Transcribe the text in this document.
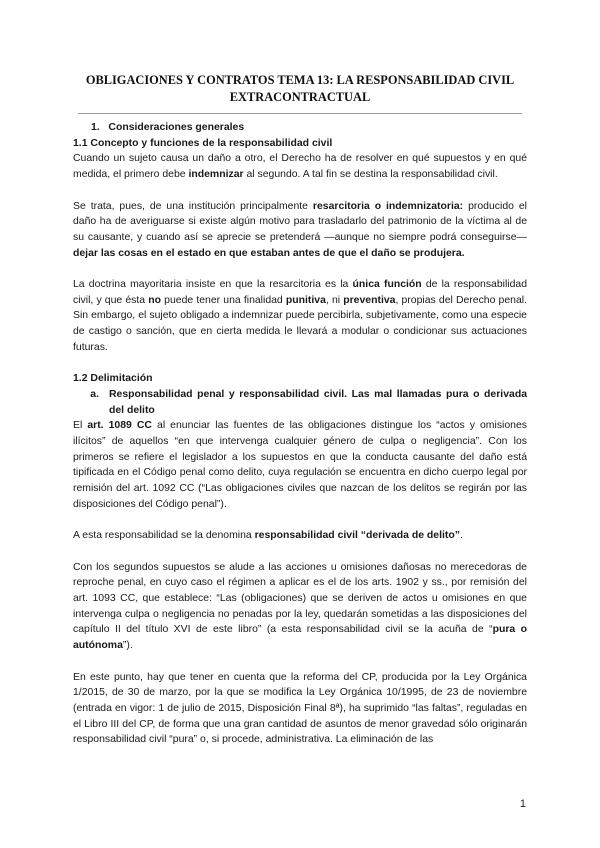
OBLIGACIONES Y CONTRATOS TEMA 13: LA RESPONSABILIDAD CIVIL EXTRACONTRACTUAL

1. Consideraciones generales

1.1 Concepto y funciones de la responsabilidad civil

Cuando un sujeto causa un daño a otro, el Derecho ha de resolver en qué supuestos y en qué medida, el primero debe indemnizar al segundo. A tal fin se destina la responsabilidad civil.

Se trata, pues, de una institución principalmente resarcitoria o indemnizatoria: producido el daño ha de averiguarse si existe algún motivo para trasladarlo del patrimonio de la víctima al de su causante, y cuando así se aprecie se pretenderá —aunque no siempre podrá conseguirse— dejar las cosas en el estado en que estaban antes de que el daño se produjera.

La doctrina mayoritaria insiste en que la resarcitoria es la única función de la responsabilidad civil, y que ésta no puede tener una finalidad punitiva, ni preventiva, propias del Derecho penal. Sin embargo, el sujeto obligado a indemnizar puede percibirla, subjetivamente, como una especie de castigo o sanción, que en cierta medida le llevará a modular o condicionar sus actuaciones futuras.

1.2 Delimitación

a. Responsabilidad penal y responsabilidad civil. Las mal llamadas pura o derivada del delito

El art. 1089 CC al enunciar las fuentes de las obligaciones distingue los “actos y omisiones ilícitos” de aquellos “en que intervenga cualquier género de culpa o negligencia”. Con los primeros se refiere el legislador a los supuestos en que la conducta causante del daño está tipificada en el Código penal como delito, cuya regulación se encuentra en dicho cuerpo legal por remisión del art. 1092 CC (“Las obligaciones civiles que nazcan de los delitos se regirán por las disposiciones del Código penal”).

A esta responsabilidad se la denomina responsabilidad civil “derivada de delito”.

Con los segundos supuestos se alude a las acciones u omisiones dañosas no merecedoras de reproche penal, en cuyo caso el régimen a aplicar es el de los arts. 1902 y ss., por remisión del art. 1093 CC, que establece: “Las (obligaciones) que se deriven de actos u omisiones en que intervenga culpa o negligencia no penadas por la ley, quedarán sometidas a las disposiciones del capítulo II del título XVI de este libro” (a esta responsabilidad civil se la acuña de “pura o autónoma”).

En este punto, hay que tener en cuenta que la reforma del CP, producida por la Ley Orgánica 1/2015, de 30 de marzo, por la que se modifica la Ley Orgánica 10/1995, de 23 de noviembre (entrada en vigor: 1 de julio de 2015, Disposición Final 8ª), ha suprimido “las faltas”, reguladas en el Libro III del CP, de forma que una gran cantidad de asuntos de menor gravedad sólo originarán responsabilidad civil “pura” o, si procede, administrativa. La eliminación de las

1
